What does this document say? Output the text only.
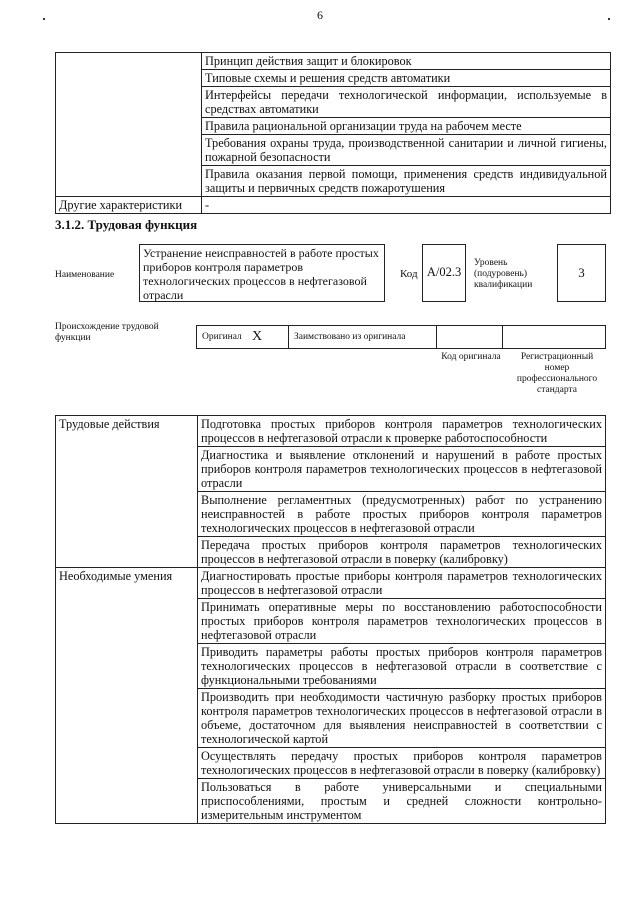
6
	Принцип действия защит и блокировок
	Типовые схемы и решения средств автоматики
	Интерфейсы передачи технологической информации, используемые в средствах автоматики
	Правила рациональной организации труда на рабочем месте
	Требования охраны труда, производственной санитарии и личной гигиены, пожарной безопасности
	Правила оказания первой помощи, применения средств индивидуальной защиты и первичных средств пожаротушения
Другие характеристики	-
3.1.2. Трудовая функция
Наименование
Устранение неисправностей в работе простых приборов контроля параметров технологических процессов в нефтегазовой отрасли
Код A/02.3
Уровень (подуровень) квалификации
3
Происхождение трудовой функции	Оригинал X	Заимствовано из оригинала
Код оригинала	Регистрационный номер профессионального стандарта
Трудовые действия	Подготовка простых приборов контроля параметров технологических процессов в нефтегазовой отрасли к проверке работоспособности
	Диагностика и выявление отклонений и нарушений в работе простых приборов контроля параметров технологических процессов в нефтегазовой отрасли
	Выполнение регламентных (предусмотренных) работ по устранению неисправностей в работе простых приборов контроля параметров технологических процессов в нефтегазовой отрасли
	Передача простых приборов контроля параметров технологических процессов в нефтегазовой отрасли в поверку (калибровку)
Необходимые умения	Диагностировать простые приборы контроля параметров технологических процессов в нефтегазовой отрасли
	Принимать оперативные меры по восстановлению работоспособности простых приборов контроля параметров технологических процессов в нефтегазовой отрасли
	Приводить параметры работы простых приборов контроля параметров технологических процессов в нефтегазовой отрасли в соответствие с функциональными требованиями
	Производить при необходимости частичную разборку простых приборов контроля параметров технологических процессов в нефтегазовой отрасли в объеме, достаточном для выявления неисправностей в соответствии с технологической картой
	Осуществлять передачу простых приборов контроля параметров технологических процессов в нефтегазовой отрасли в поверку (калибровку)
	Пользоваться в работе универсальными и специальными приспособлениями, простым и средней сложности контрольно-измерительным инструментом
